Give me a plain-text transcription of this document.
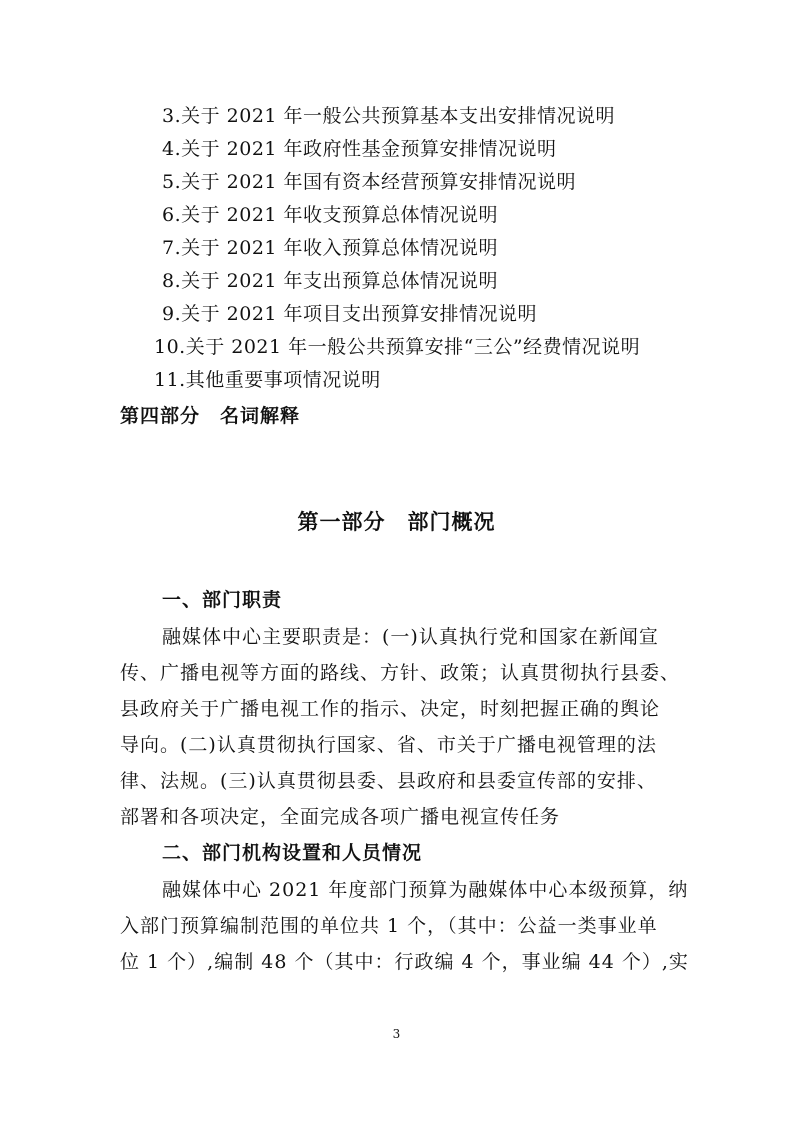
3.关于 2021 年一般公共预算基本支出安排情况说明
4.关于 2021 年政府性基金预算安排情况说明
5.关于 2021 年国有资本经营预算安排情况说明
6.关于 2021 年收支预算总体情况说明
7.关于 2021 年收入预算总体情况说明
8.关于 2021 年支出预算总体情况说明
9.关于 2021 年项目支出预算安排情况说明
10.关于 2021 年一般公共预算安排“三公”经费情况说明
11.其他重要事项情况说明
第四部分　名词解释
第一部分　部门概况
一、部门职责
融媒体中心主要职责是：(一)认真执行党和国家在新闻宣
传、广播电视等方面的路线、方针、政策；认真贯彻执行县委、
县政府关于广播电视工作的指示、决定，时刻把握正确的舆论
导向。(二)认真贯彻执行国家、省、市关于广播电视管理的法
律、法规。(三)认真贯彻县委、县政府和县委宣传部的安排、
部署和各项决定，全面完成各项广播电视宣传任务
二、部门机构设置和人员情况
融媒体中心 2021 年度部门预算为融媒体中心本级预算，纳
入部门预算编制范围的单位共 1 个，（其中：公益一类事业单
位 1 个）,编制 48 个（其中：行政编 4 个，事业编 44 个）,实
3
